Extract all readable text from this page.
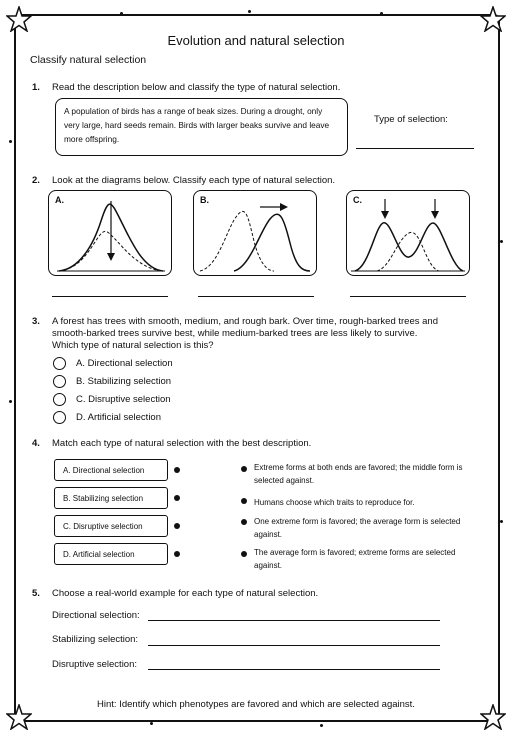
Evolution and natural selection
Classify natural selection
1. Read the description below and classify the type of natural selection.
A population of birds has a range of beak sizes. During a drought, only very large, hard seeds remain. Birds with larger beaks survive and leave more offspring.
Type of selection:
2. Look at the diagrams below. Classify each type of natural selection.
A.	B.	C.
3. A forest has trees with smooth, medium, and rough bark. Over time, rough-barked trees and
smooth-barked trees survive best, while medium-barked trees are less likely to survive.
Which type of natural selection is this?
A. Directional selection
B. Stabilizing selection
C. Disruptive selection
D. Artificial selection
4. Match each type of natural selection with the best description.
A. Directional selection
B. Stabilizing selection
C. Disruptive selection
D. Artificial selection
Extreme forms at both ends are favored; the middle form is selected against.
Humans choose which traits to reproduce for.
One extreme form is favored; the average form is selected against.
The average form is favored; extreme forms are selected against.
5. Choose a real-world example for each type of natural selection.
Directional selection:
Stabilizing selection:
Disruptive selection:
Hint: Identify which phenotypes are favored and which are selected against.
